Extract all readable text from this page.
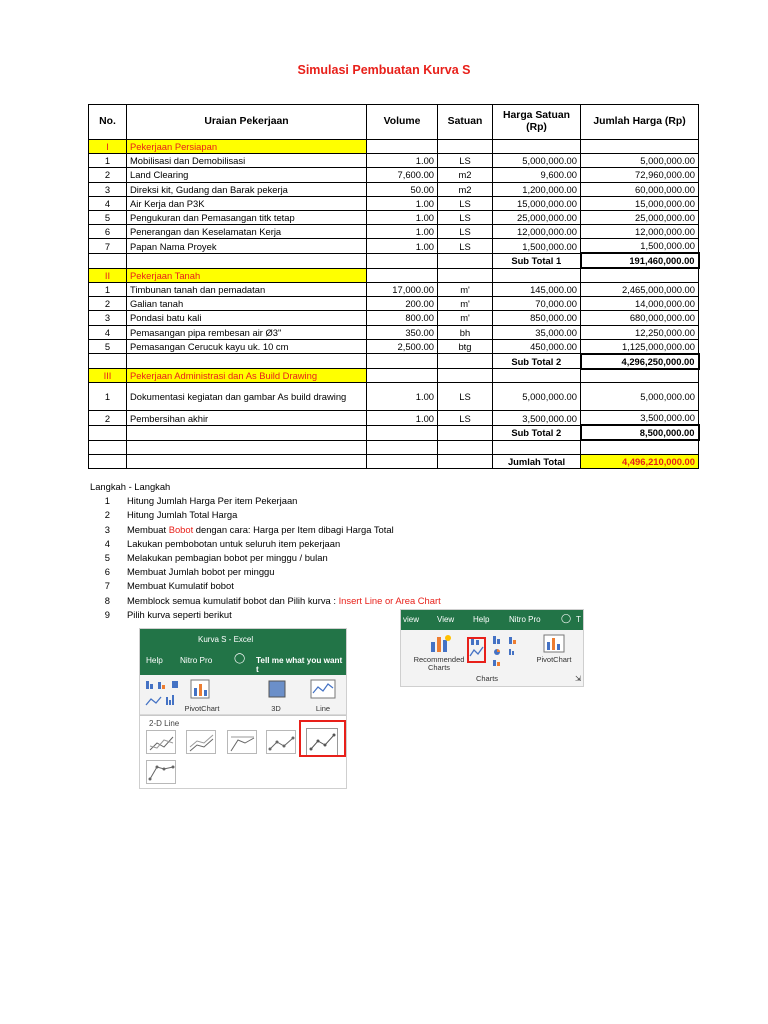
Simulasi Pembuatan Kurva S
No.	Uraian Pekerjaan	Volume	Satuan	Harga Satuan (Rp)	Jumlah Harga (Rp)
I	Pekerjaan Persiapan				
1	Mobilisasi dan Demobilisasi	1.00	LS	5,000,000.00	5,000,000.00
2	Land Clearing	7,600.00	m2	9,600.00	72,960,000.00
3	Direksi kit, Gudang dan Barak pekerja	50.00	m2	1,200,000.00	60,000,000.00
4	Air Kerja dan P3K	1.00	LS	15,000,000.00	15,000,000.00
5	Pengukuran dan Pemasangan titk tetap	1.00	LS	25,000,000.00	25,000,000.00
6	Penerangan dan Keselamatan Kerja	1.00	LS	12,000,000.00	12,000,000.00
7	Papan Nama Proyek	1.00	LS	1,500,000.00	1,500,000.00
				Sub Total 1	191,460,000.00
II	Pekerjaan Tanah				
1	Timbunan tanah dan pemadatan	17,000.00	m'	145,000.00	2,465,000,000.00
2	Galian tanah	200.00	m'	70,000.00	14,000,000.00
3	Pondasi batu kali	800.00	m'	850,000.00	680,000,000.00
4	Pemasangan pipa rembesan air Ø3"	350.00	bh	35,000.00	12,250,000.00
5	Pemasangan Cerucuk kayu uk. 10 cm	2,500.00	btg	450,000.00	1,125,000,000.00
				Sub Total 2	4,296,250,000.00
III	Pekerjaan Administrasi dan As Build Drawing				
1	Dokumentasi kegiatan dan gambar As build drawing	1.00	LS	5,000,000.00	5,000,000.00
2	Pembersihan akhir	1.00	LS	3,500,000.00	3,500,000.00
				Sub Total 2	8,500,000.00

				Jumlah Total	4,496,210,000.00
Langkah - Langkah
1 Hitung Jumlah Harga Per item Pekerjaan
2 Hitung Jumlah Total Harga
3 Membuat Bobot dengan cara: Harga per Item dibagi Harga Total
4 Lakukan pembobotan untuk seluruh item pekerjaan
5 Melakukan pembagian bobot per minggu / bulan
6 Membuat Jumlah bobot per minggu
7 Membuat Kumulatif bobot
8 Memblock semua kumulatif bobot dan Pilih kurva : Insert Line or Area Chart
9 Pilih kurva seperti berikut
Kurva S - Excel
Help Nitro Pro ◯ Tell me what you want t
PivotChart	3D	Line
2-D Line
view View Help Nitro Pro ◯ T
Recommended Charts
PivotChart
Charts	⇲
